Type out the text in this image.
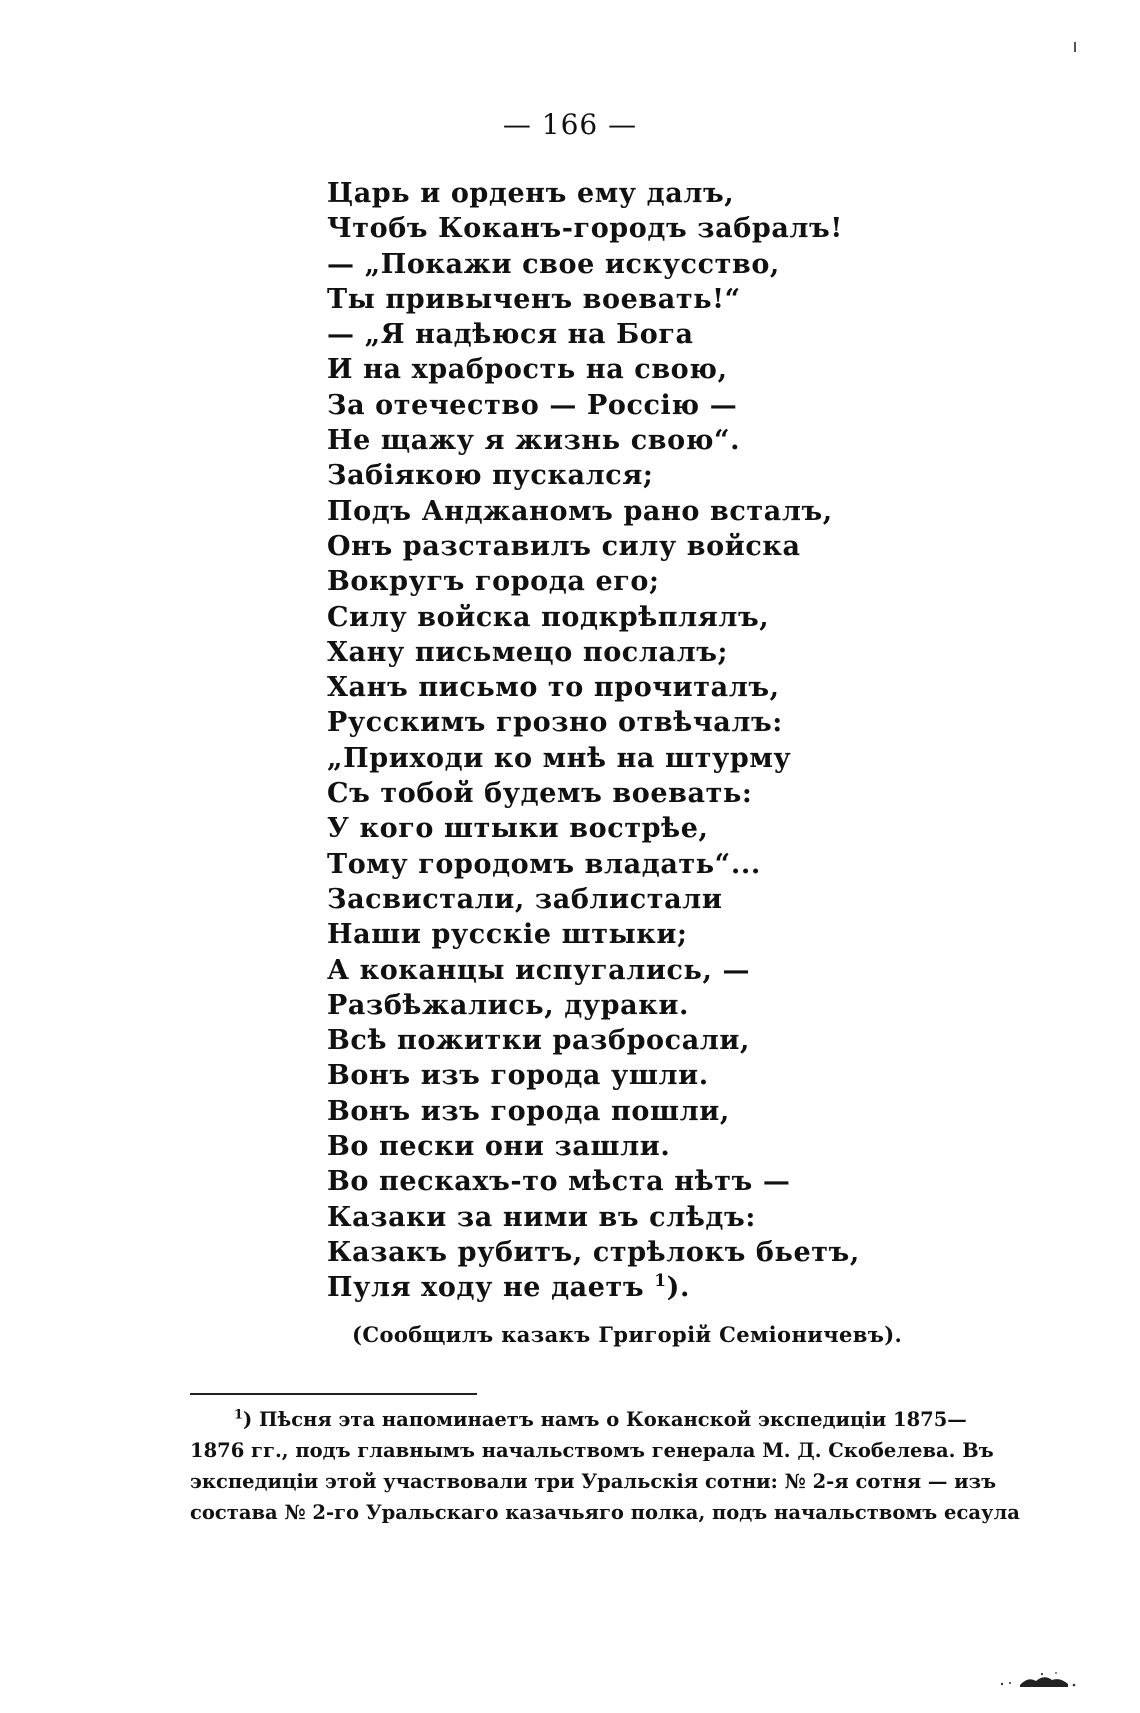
— 166 —
Царь и орденъ ему далъ,
Чтобъ Коканъ-городъ забралъ!
— „Покажи свое искусство,
Ты привыченъ воевать!“
— „Я надѣюся на Бога
И на храбрость на свою,
За отечество — Россію —
Не щажу я жизнь свою“.
Забіякою пускался;
Подъ Анджаномъ рано всталъ,
Онъ разставилъ силу войска
Вокругъ города его;
Силу войска подкрѣплялъ,
Хану письмецо послалъ;
Ханъ письмо то прочиталъ,
Русскимъ грозно отвѣчалъ:
„Приходи ко мнѣ на штурму
Съ тобой будемъ воевать:
У кого штыки вострѣе,
Тому городомъ владать“...
Засвистали, заблистали
Наши русскіе штыки;
А коканцы испугались, —
Разбѣжались, дураки.
Всѣ пожитки разбросали,
Вонъ изъ города ушли.
Вонъ изъ города пошли,
Во пески они зашли.
Во пескахъ-то мѣста нѣтъ —
Казаки за ними въ слѣдъ:
Казакъ рубитъ, стрѣлокъ бьетъ,
Пуля ходу не даетъ $^1$).

(Сообщилъ казакъ Григорій Семіоничевъ).

$^1$) Пѣсня эта напоминаетъ намъ о Коканской экспедиціи 1875—
1876 гг., подъ главнымъ начальствомъ генерала М. Д. Скобелева. Въ
экспедиціи этой участвовали три Уральскія сотни: № 2-я сотня — изъ
состава № 2-го Уральскаго казачьяго полка, подъ начальствомъ есаула
